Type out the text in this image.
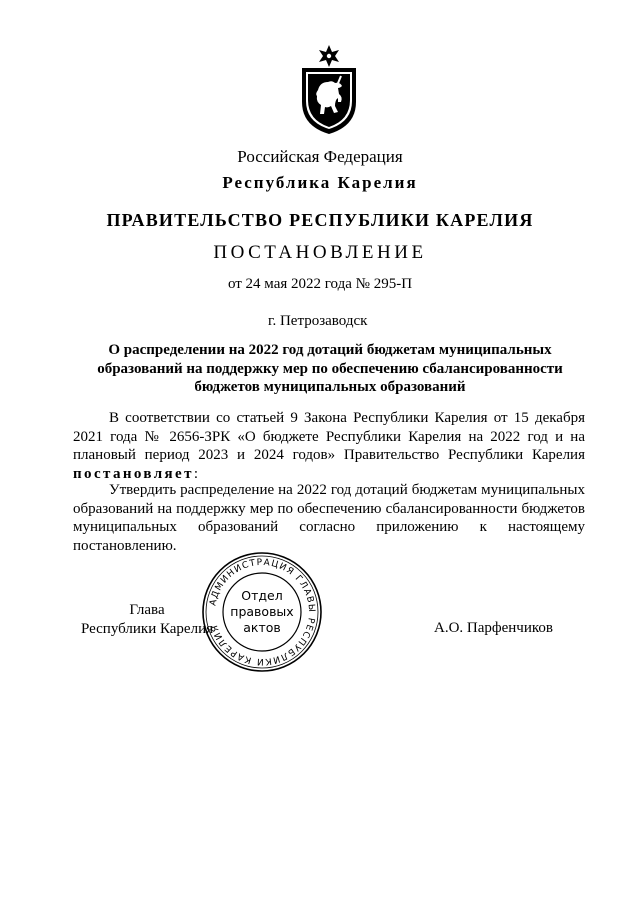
Российская Федерация
Республика Карелия
ПРАВИТЕЛЬСТВО РЕСПУБЛИКИ КАРЕЛИЯ
ПОСТАНОВЛЕНИЕ
от 24 мая 2022 года № 295-П
г. Петрозаводск
О распределении на 2022 год дотаций бюджетам муниципальных образований на поддержку мер по обеспечению сбалансированности бюджетов муниципальных образований
В соответствии со статьей 9 Закона Республики Карелия от 15 декабря 2021 года № 2656-ЗРК «О бюджете Республики Карелия на 2022 год и на плановый период 2023 и 2024 годов» Правительство Республики Карелия постановляет:
Утвердить распределение на 2022 год дотаций бюджетам муниципальных образований на поддержку мер по обеспечению сбалансированности бюджетов муниципальных образований согласно приложению к настоящему постановлению.
Глава
Республики Карелия	А.О. Парфенчиков
АДМИНИСТРАЦИЯ ГЛАВЫ РЕСПУБЛИКИ КАРЕЛИЯ
Отдел
правовых
актов
